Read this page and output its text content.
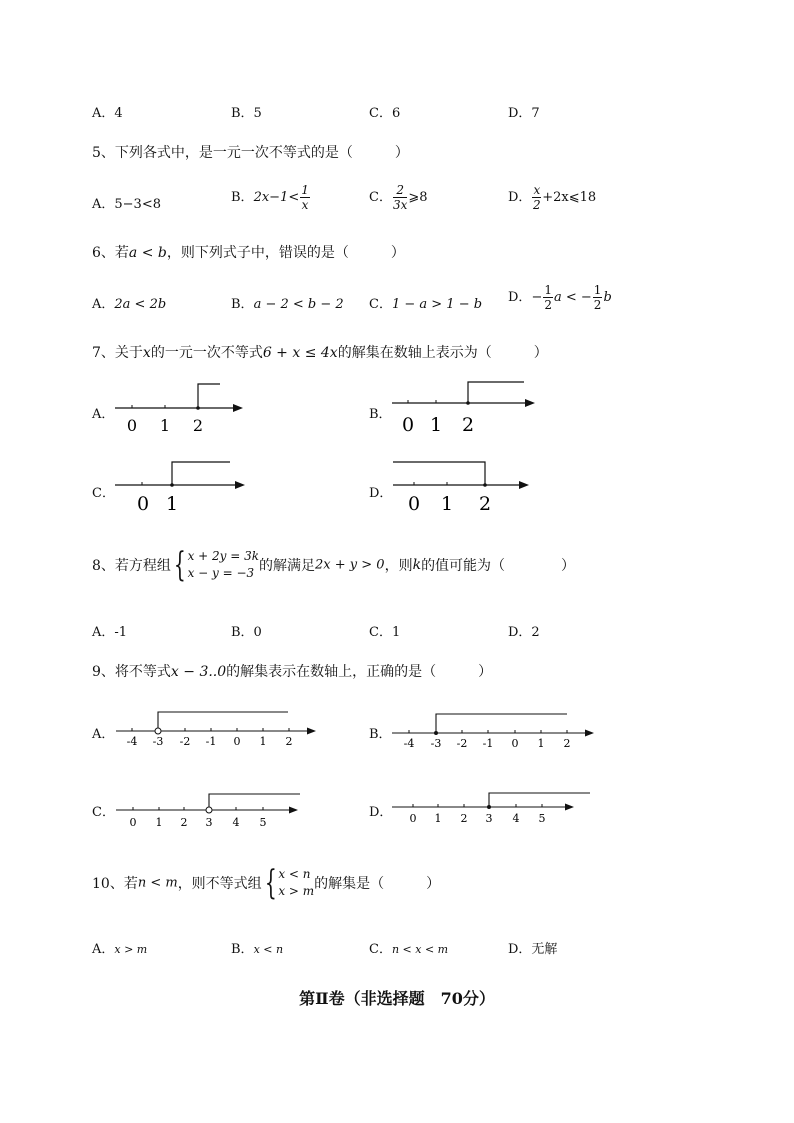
A．4	B．5	C．6	D．7
5、下列各式中，是一元一次不等式的是（　　　）
A．5−3<8	B．$2x-1< \frac{1}{x}$	C． $\frac{2}{3x}$ ⩾8	D． $\frac{x}{2}$ +2x⩽18
6、若a < b，则下列式子中，错误的是（　　　）
A．2a < 2b	B．a − 2 < b − 2 C．1 − a > 1 − b D．− $\frac{1}{2}$ a < − $\frac{1}{2}$ b
7、关于x的一元一次不等式6 + x ≤ 4x的解集在数轴上表示为（　　　）
A．
0 1 2
B． 0 1 2
C． 0 1	D． 0 1 2
8、若方程组{ x + 2y = 3k
x − y = −3 的解满足2x + y > 0，则k的值可能为（　　　　）
A．-1	B．0	C．1	D．2
9、将不等式x − 3..0的解集表示在数轴上，正确的是（　　　）
A． -4 -3 -2 -1 0 1 2	B．
-4 -3 -2 -1 0 1 2
C．
0 1 2 3 4 5
D． 0 1 2 3 4 5
10、若n < m，则不等式组{ x < n
x > m 的解集是（　　　）
A．x > m	B．x < n	C．n < x < m	D．无解
第Ⅱ卷（非选择题　70分）
